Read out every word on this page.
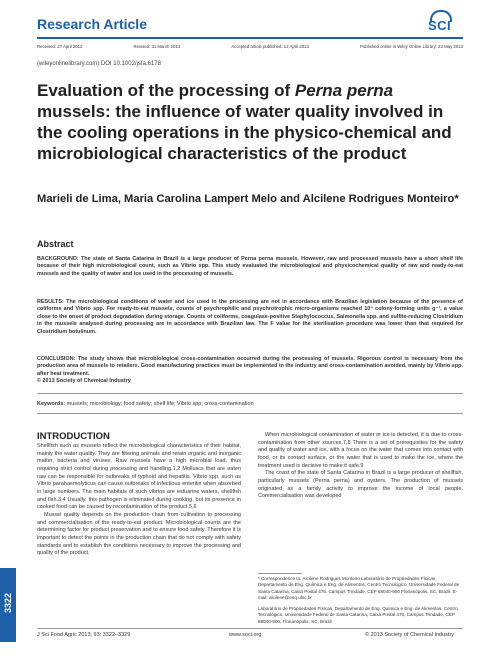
Research Article	SCI
Received: 27 April 2012	Revised: 31 March 2013	Accepted article published: 12 April 2013	Published online in Wiley Online Library: 23 May 2013
(wileyonlinelibrary.com) DOI 10.1002/jsfa.6178
Evaluation of the processing of Perna perna mussels: the influence of water quality involved in the cooling operations in the physico-chemical and microbiological characteristics of the product
Marieli de Lima, Maria Carolina Lampert Melo and Alcilene Rodrigues Monteiro*
Abstract
BACKGROUND: The state of Santa Catarina in Brazil is a large producer of Perna perna mussels. However, raw and processed mussels have a short shelf life because of their high microbiological count, such as Vibrio spp. This study evaluated the microbiological and physicochemical quality of raw and ready-to-eat mussels and the quality of water and ice used in the processing of mussels.
RESULTS: The microbiological conditions of water and ice used in the processing are not in accordance with Brazilian legislation because of the presence of coliforms and Vibrio spp. For ready-to-eat mussels, counts of psychrophilic and psychrotrophic micro-organisms reached 10⁴ colony-forming units g⁻¹, a value close to the onset of product degradation during storage. Counts of coliforms, coagulase-positive Staphylococcus, Salmonella spp. and sulfite-reducing Clostridium in the mussels analysed during processing are in accordance with Brazilian law. The F value for the sterilisation procedure was lower than that required for Clostridium botulinum.
CONCLUSION: The study shows that microbiological cross-contamination occurred during the processing of mussels. Rigorous control is necessary from the production area of mussels to retailers. Good manufacturing practices must be implemented in the industry and cross-contamination avoided, mainly by Vibrio spp. after heat treatment.
© 2013 Society of Chemical Industry
Keywords: mussels; microbiology; food safety; shelf life; Vibrio spp; cross-contamination
INTRODUCTION

Shellfish such as mussels reflect the microbiological characteristics of their habitat, mainly the water quality. They are filtering animals and retain organic and inorganic matter, bacteria and viruses. Raw mussels have a high microbial load, thus requiring strict control during processing and handling.1,2 Molluscs that are eaten raw can be responsible for outbreaks of typhoid and hepatitis. Vibrio spp. such as Vibrio parahaemolyticus can cause outbreaks of infectious enteritis when absorbed in large numbers. The main habitats of such vibrios are estuarine waters, shellfish and fish.3,4 Usually, this pathogen is eliminated during cooking, but its presence in cooked food can be caused by recontamination of the product.5,6

Mussel quality depends on the production chain from cultivation to processing and commercialisation of the ready-to-eat product. Microbiological counts are the determining factor for product preservation and to ensure food safety. Therefore it is important to detect the points in the production chain that do not comply with safety standards and to establish the conditions necessary to improve the processing and quality of the product.

When microbiological contamination of water or ice is detected, it is due to cross-contamination from other sources.7,8 There is a set of prerequisites for the safety and quality of water and ice, with a focus on the water that comes into contact with food, or its contact surface, or the water that is used to make the ice, where the treatment used is decisive to make it safe.9

The coast of the state of Santa Catarina in Brazil is a large producer of shellfish, particularly mussels (Perna perna) and oysters. The production of mussels originated as a family activity to improve the income of local people. Commercialisation was developed

* Correspondence to: Alcilene Rodrigues Monteiro Laboratório de Propriedades Físicas, Departamento de Eng. Química e Eng. de Alimentos, Centro Tecnológico, Universidade Federal de Santa Catarina, Caixa Postal 476, Campus Trindade, CEP 88040-900 Florianópolis, SC, Brazil. E-mail: alcilene@enq.ufsc.br

Laboratório de Propriedades Físicas, Departamento de Eng. Química e Eng. de Alimentos, Centro Tecnológico, Universidade Federal de Santa Catarina, Caixa Postal 476, Campus Trindade, CEP 88040-900, Florianópolis, SC, Brazil

J Sci Food Agric 2013; 93: 3322–3329	www.soci.org	© 2013 Society of Chemical Industry
3322
